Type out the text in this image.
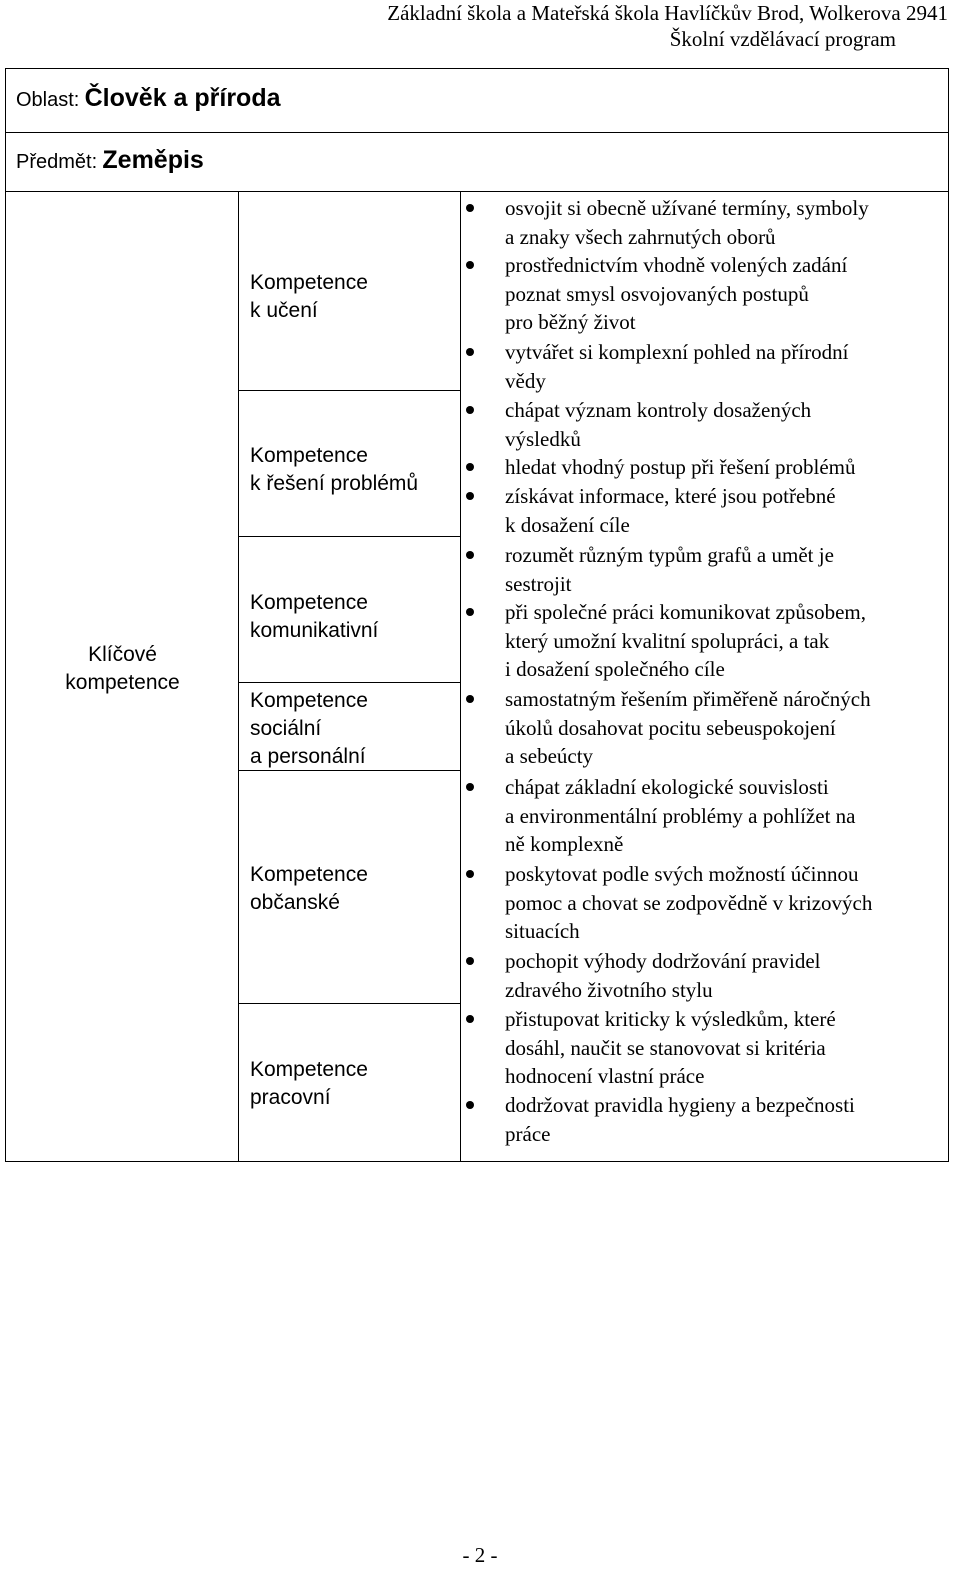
Základní škola a Mateřská škola Havlíčkův Brod, Wolkerova 2941
Školní vzdělávací program
Oblast: Člověk a příroda
Předmět: Zeměpis
Klíčové
kompetence
Kompetence
k učení
Kompetence
k řešení problémů
Kompetence
komunikativní
Kompetence
sociální
a personální
Kompetence
občanské
Kompetence
pracovní
osvojit si obecně užívané termíny, symboly
a znaky všech zahrnutých oborů
prostřednictvím vhodně volených zadání
poznat smysl osvojovaných postupů
pro běžný život
vytvářet si komplexní pohled na přírodní
vědy
chápat význam kontroly dosažených
výsledků
hledat vhodný postup při řešení problémů
získávat informace, které jsou potřebné
k dosažení cíle
rozumět různým typům grafů a umět je
sestrojit
při společné práci komunikovat způsobem,
který umožní kvalitní spolupráci, a tak
i dosažení společného cíle
samostatným řešením přiměřeně náročných
úkolů dosahovat pocitu sebeuspokojení
a sebeúcty
chápat základní ekologické souvislosti
a environmentální problémy a pohlížet na
ně komplexně
poskytovat podle svých možností účinnou
pomoc a chovat se zodpovědně v krizových
situacích
pochopit výhody dodržování pravidel
zdravého životního stylu
přistupovat kriticky k výsledkům, které
dosáhl, naučit se stanovovat si kritéria
hodnocení vlastní práce
dodržovat pravidla hygieny a bezpečnosti
práce
- 2 -
